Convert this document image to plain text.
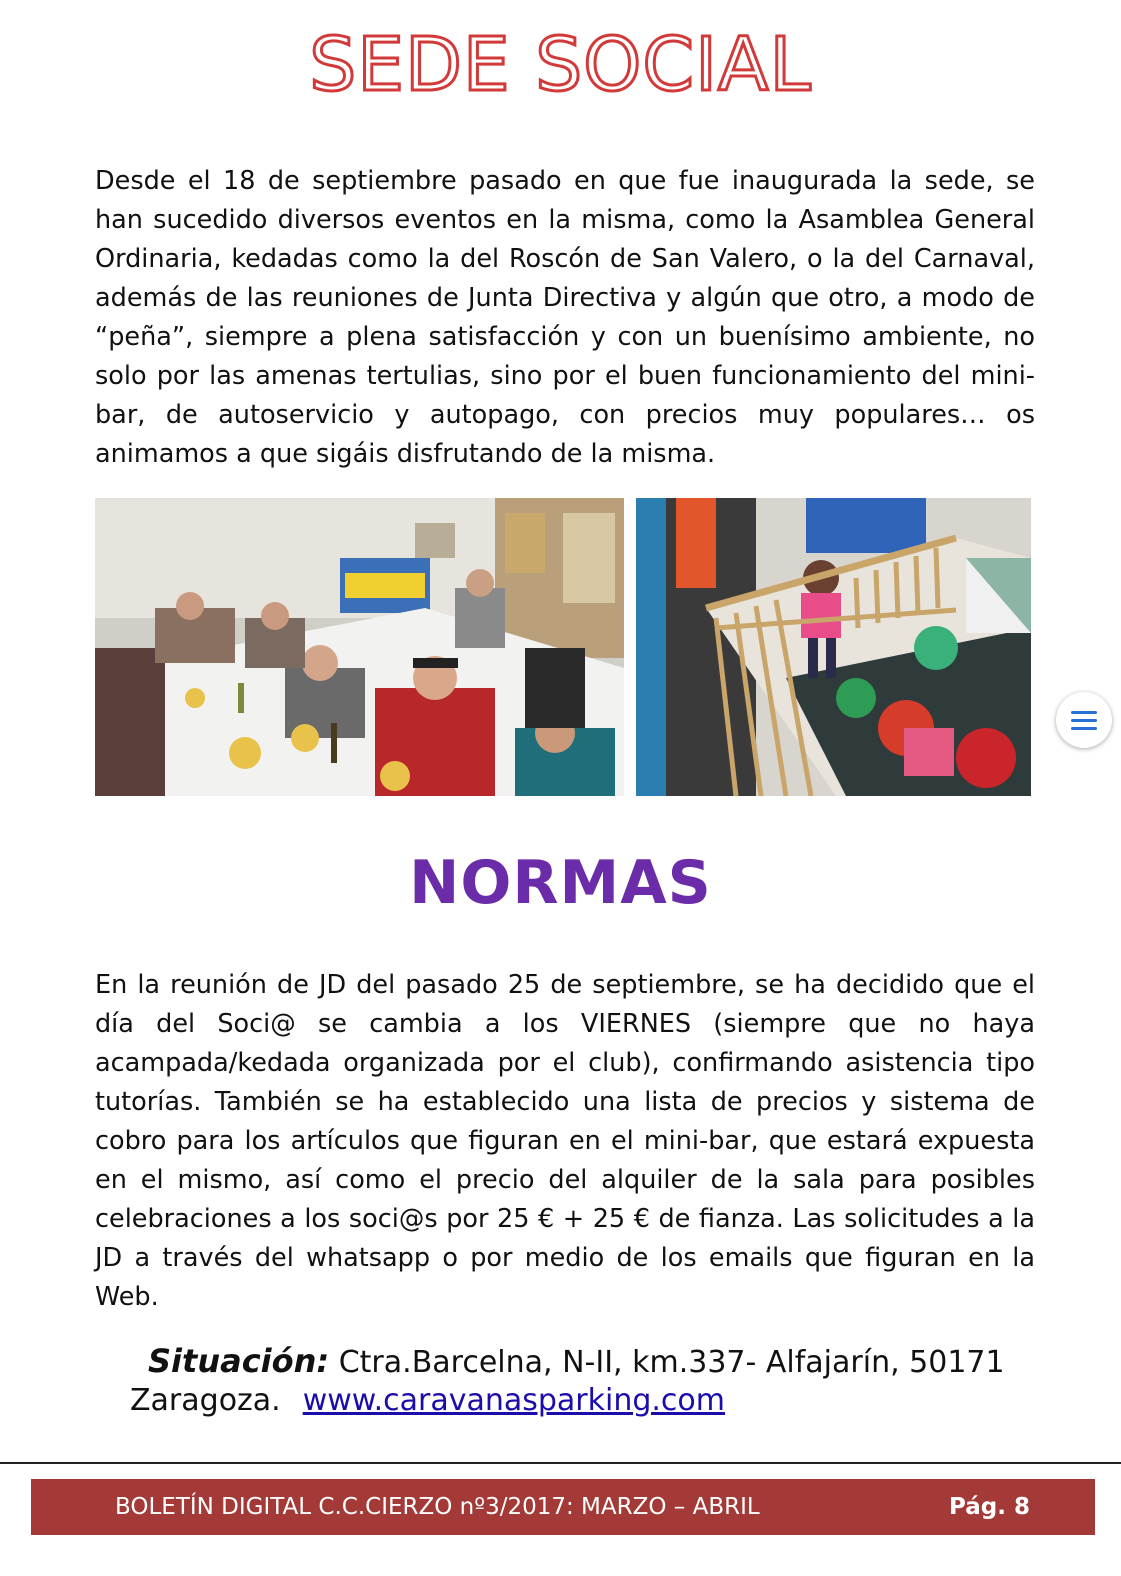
SEDE SOCIAL
Desde el 18 de septiembre pasado en que fue inaugurada la sede, se han sucedido diversos eventos en la misma, como la Asamblea General Ordinaria, kedadas como la del Roscón de San Valero, o la del Carnaval, además de las reuniones de Junta Directiva y algún que otro, a modo de “peña”, siempre a plena satisfacción y con un buenísimo ambiente, no solo por las amenas tertulias, sino por el buen funcionamiento del mini-bar, de autoservicio y autopago, con precios muy populares… os animamos a que sigáis disfrutando de la misma.
NORMAS
En la reunión de JD del pasado 25 de septiembre, se ha decidido que el día del Soci@ se cambia a los VIERNES (siempre que no haya acampada/kedada organizada por el club), confirmando asistencia tipo tutorías. También se ha establecido una lista de precios y sistema de cobro para los artículos que figuran en el mini-bar, que estará expuesta en el mismo, así como el precio del alquiler de la sala para posibles celebraciones a los soci@s por 25 € + 25 € de fianza. Las solicitudes a la JD a través del whatsapp o por medio de los emails que figuran en la Web.
Situación: Ctra.Barcelna, N-II, km.337- Alfajarín, 50171 Zaragoza. www.caravanasparking.com
BOLETÍN DIGITAL C.C.CIERZO nº3/2017: MARZO – ABRIL	Pág. 8
